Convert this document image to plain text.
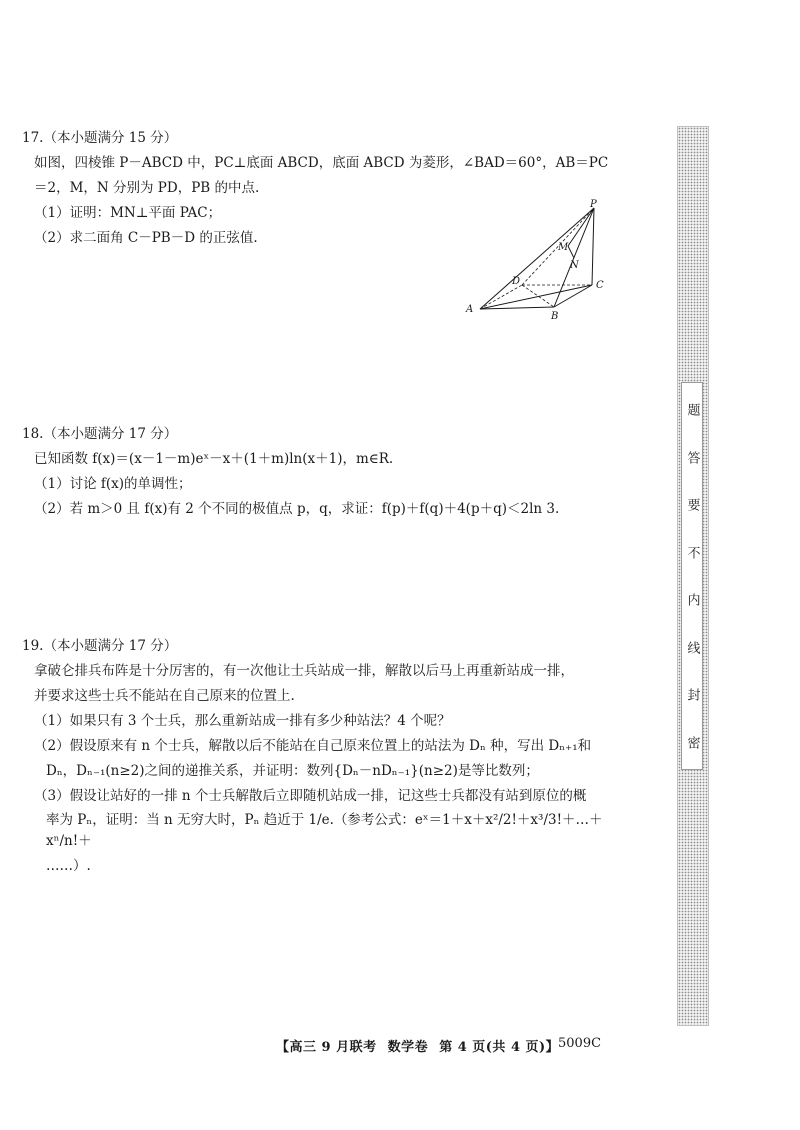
17.（本小题满分 15 分）

如图，四棱锥 P－ABCD 中，PC⊥底面 ABCD，底面 ABCD 为菱形，∠BAD＝60°，AB＝PC

＝2，M，N 分别为 PD，PB 的中点.

（1）证明：MN⊥平面 PAC；

（2）求二面角 C－PB－D 的正弦值.

P
M
N
D	C
A
B

18.（本小题满分 17 分）

已知函数 f(x)＝(x－1－m)eˣ－x＋(1＋m)ln(x＋1)，m∈R.

（1）讨论 f(x)的单调性；

（2）若 m＞0 且 f(x)有 2 个不同的极值点 p，q，求证：f(p)＋f(q)＋4(p＋q)＜2ln 3.

19.（本小题满分 17 分）

拿破仑排兵布阵是十分厉害的，有一次他让士兵站成一排，解散以后马上再重新站成一排，

并要求这些士兵不能站在自己原来的位置上.

（1）如果只有 3 个士兵，那么重新站成一排有多少种站法？4 个呢？

（2）假设原来有 n 个士兵，解散以后不能站在自己原来位置上的站法为 Dₙ 种，写出 Dₙ₊₁和

Dₙ，Dₙ₋₁(n≥2)之间的递推关系，并证明：数列{Dₙ－nDₙ₋₁}(n≥2)是等比数列；

（3）假设让站好的一排 n 个士兵解散后立即随机站成一排，记这些士兵都没有站到原位的概

率为 Pₙ，证明：当 n 无穷大时，Pₙ 趋近于 1/e.（参考公式：eˣ＝1＋x＋x²/2!＋x³/3!＋…＋xⁿ/n!＋

……）.

题
答
要
不
内
线
封
密
【高三 9 月联考 数学卷 第 4 页(共 4 页)】
5009C
